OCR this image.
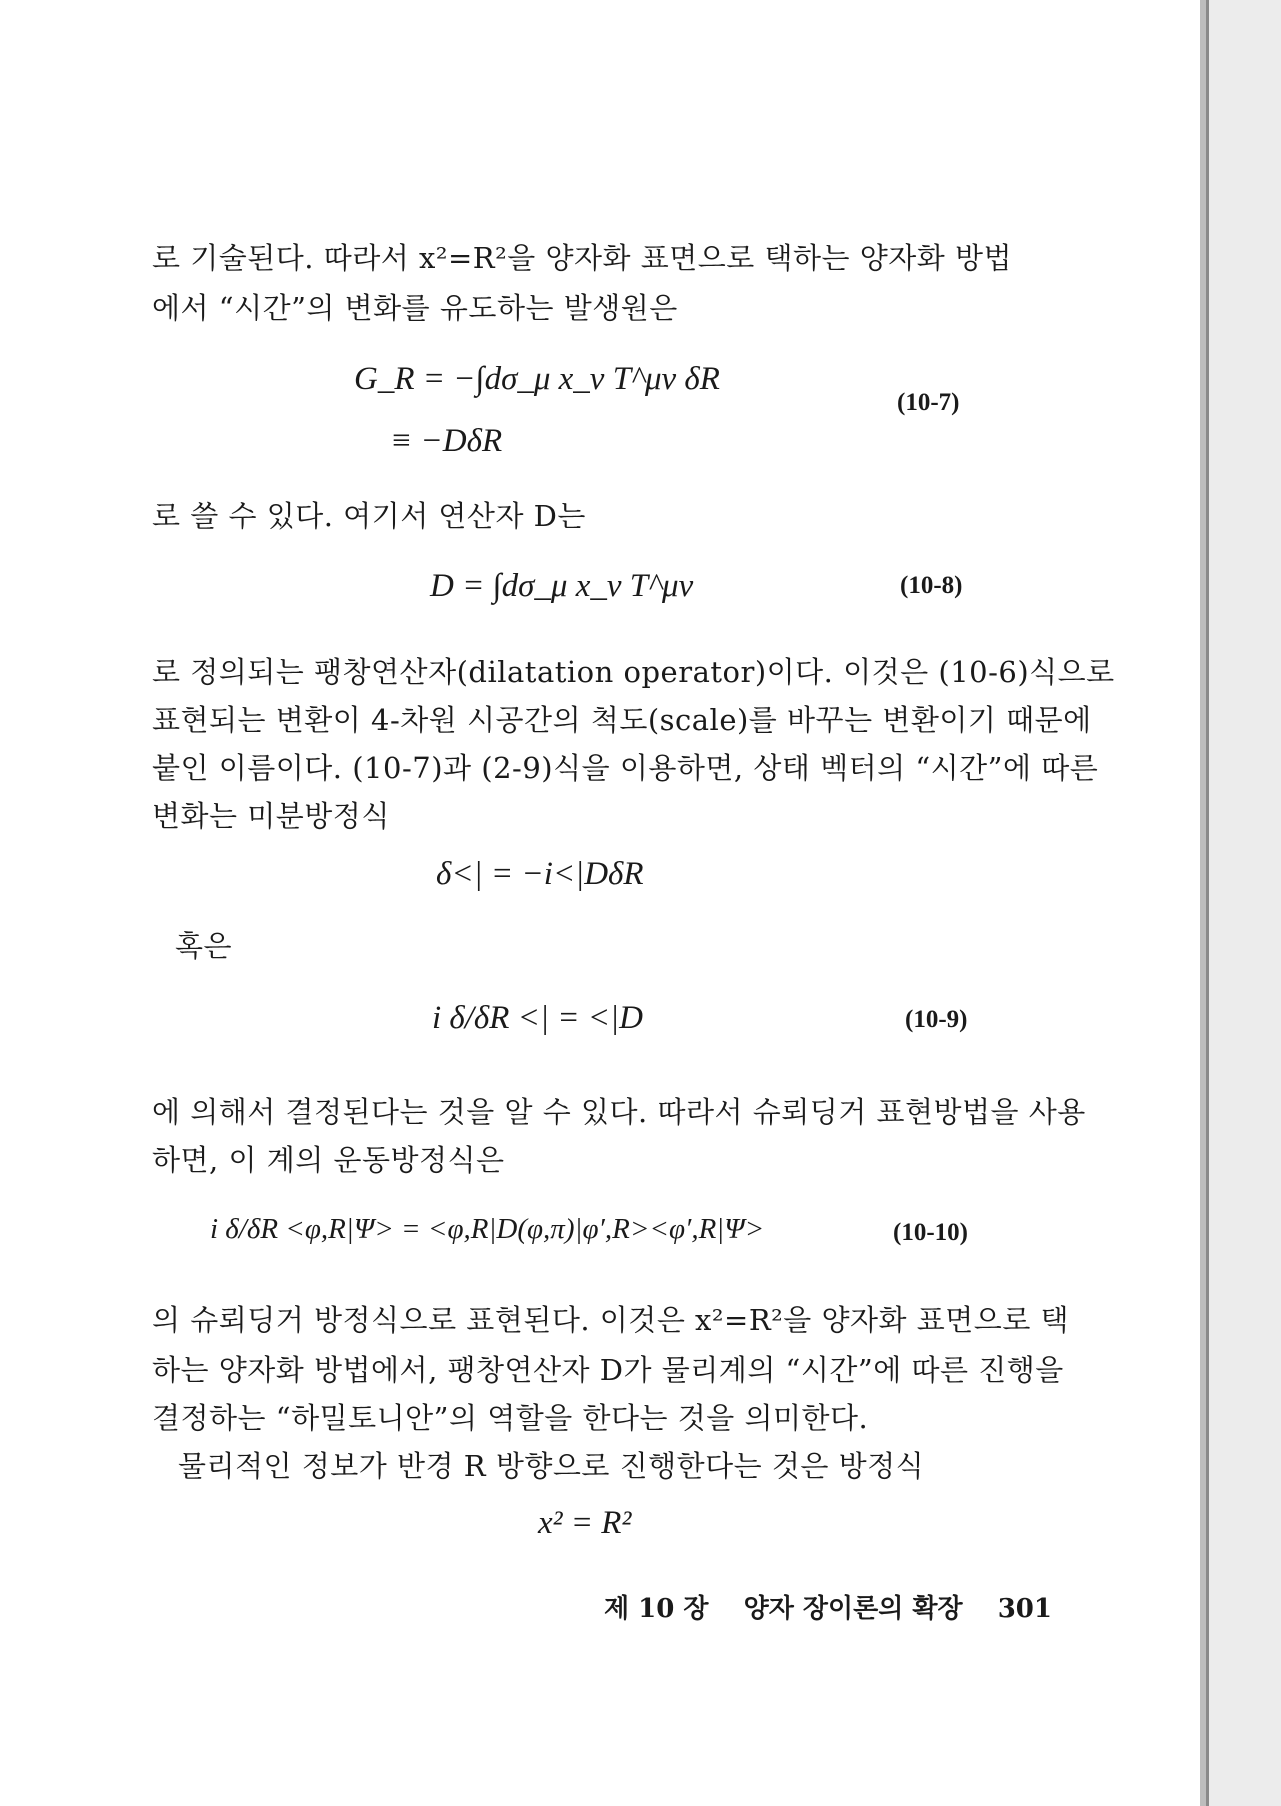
로 기술된다. 따라서 x²=R²을 양자화 표면으로 택하는 양자화 방법
에서 “시간”의 변화를 유도하는 발생원은
G_R = −∫dσ_μ x_ν T^μν δR
≡ −DδR
(10-7)
로 쓸 수 있다. 여기서 연산자 D는
D = ∫dσ_μ x_ν T^μν	(10-8)
로 정의되는 팽창연산자(dilatation operator)이다. 이것은 (10-6)식으로
표현되는 변환이 4-차원 시공간의 척도(scale)를 바꾸는 변환이기 때문에
붙인 이름이다. (10-7)과 (2-9)식을 이용하면, 상태 벡터의 “시간”에 따른
변화는 미분방정식
δ<| = −i<|DδR
혹은
i δ/δR <| = <|D	(10-9)
에 의해서 결정된다는 것을 알 수 있다. 따라서 슈뢰딩거 표현방법을 사용
하면, 이 계의 운동방정식은
i δ/δR <φ,R|Ψ> = <φ,R|D(φ,π)|φ′,R><φ′,R|Ψ>	(10-10)
의 슈뢰딩거 방정식으로 표현된다. 이것은 x²=R²을 양자화 표면으로 택
하는 양자화 방법에서, 팽창연산자 D가 물리계의 “시간”에 따른 진행을
결정하는 “하밀토니안”의 역할을 한다는 것을 의미한다.
물리적인 정보가 반경 R 방향으로 진행한다는 것은 방정식
x² = R²
제 10 장 양자 장이론의 확장 301
